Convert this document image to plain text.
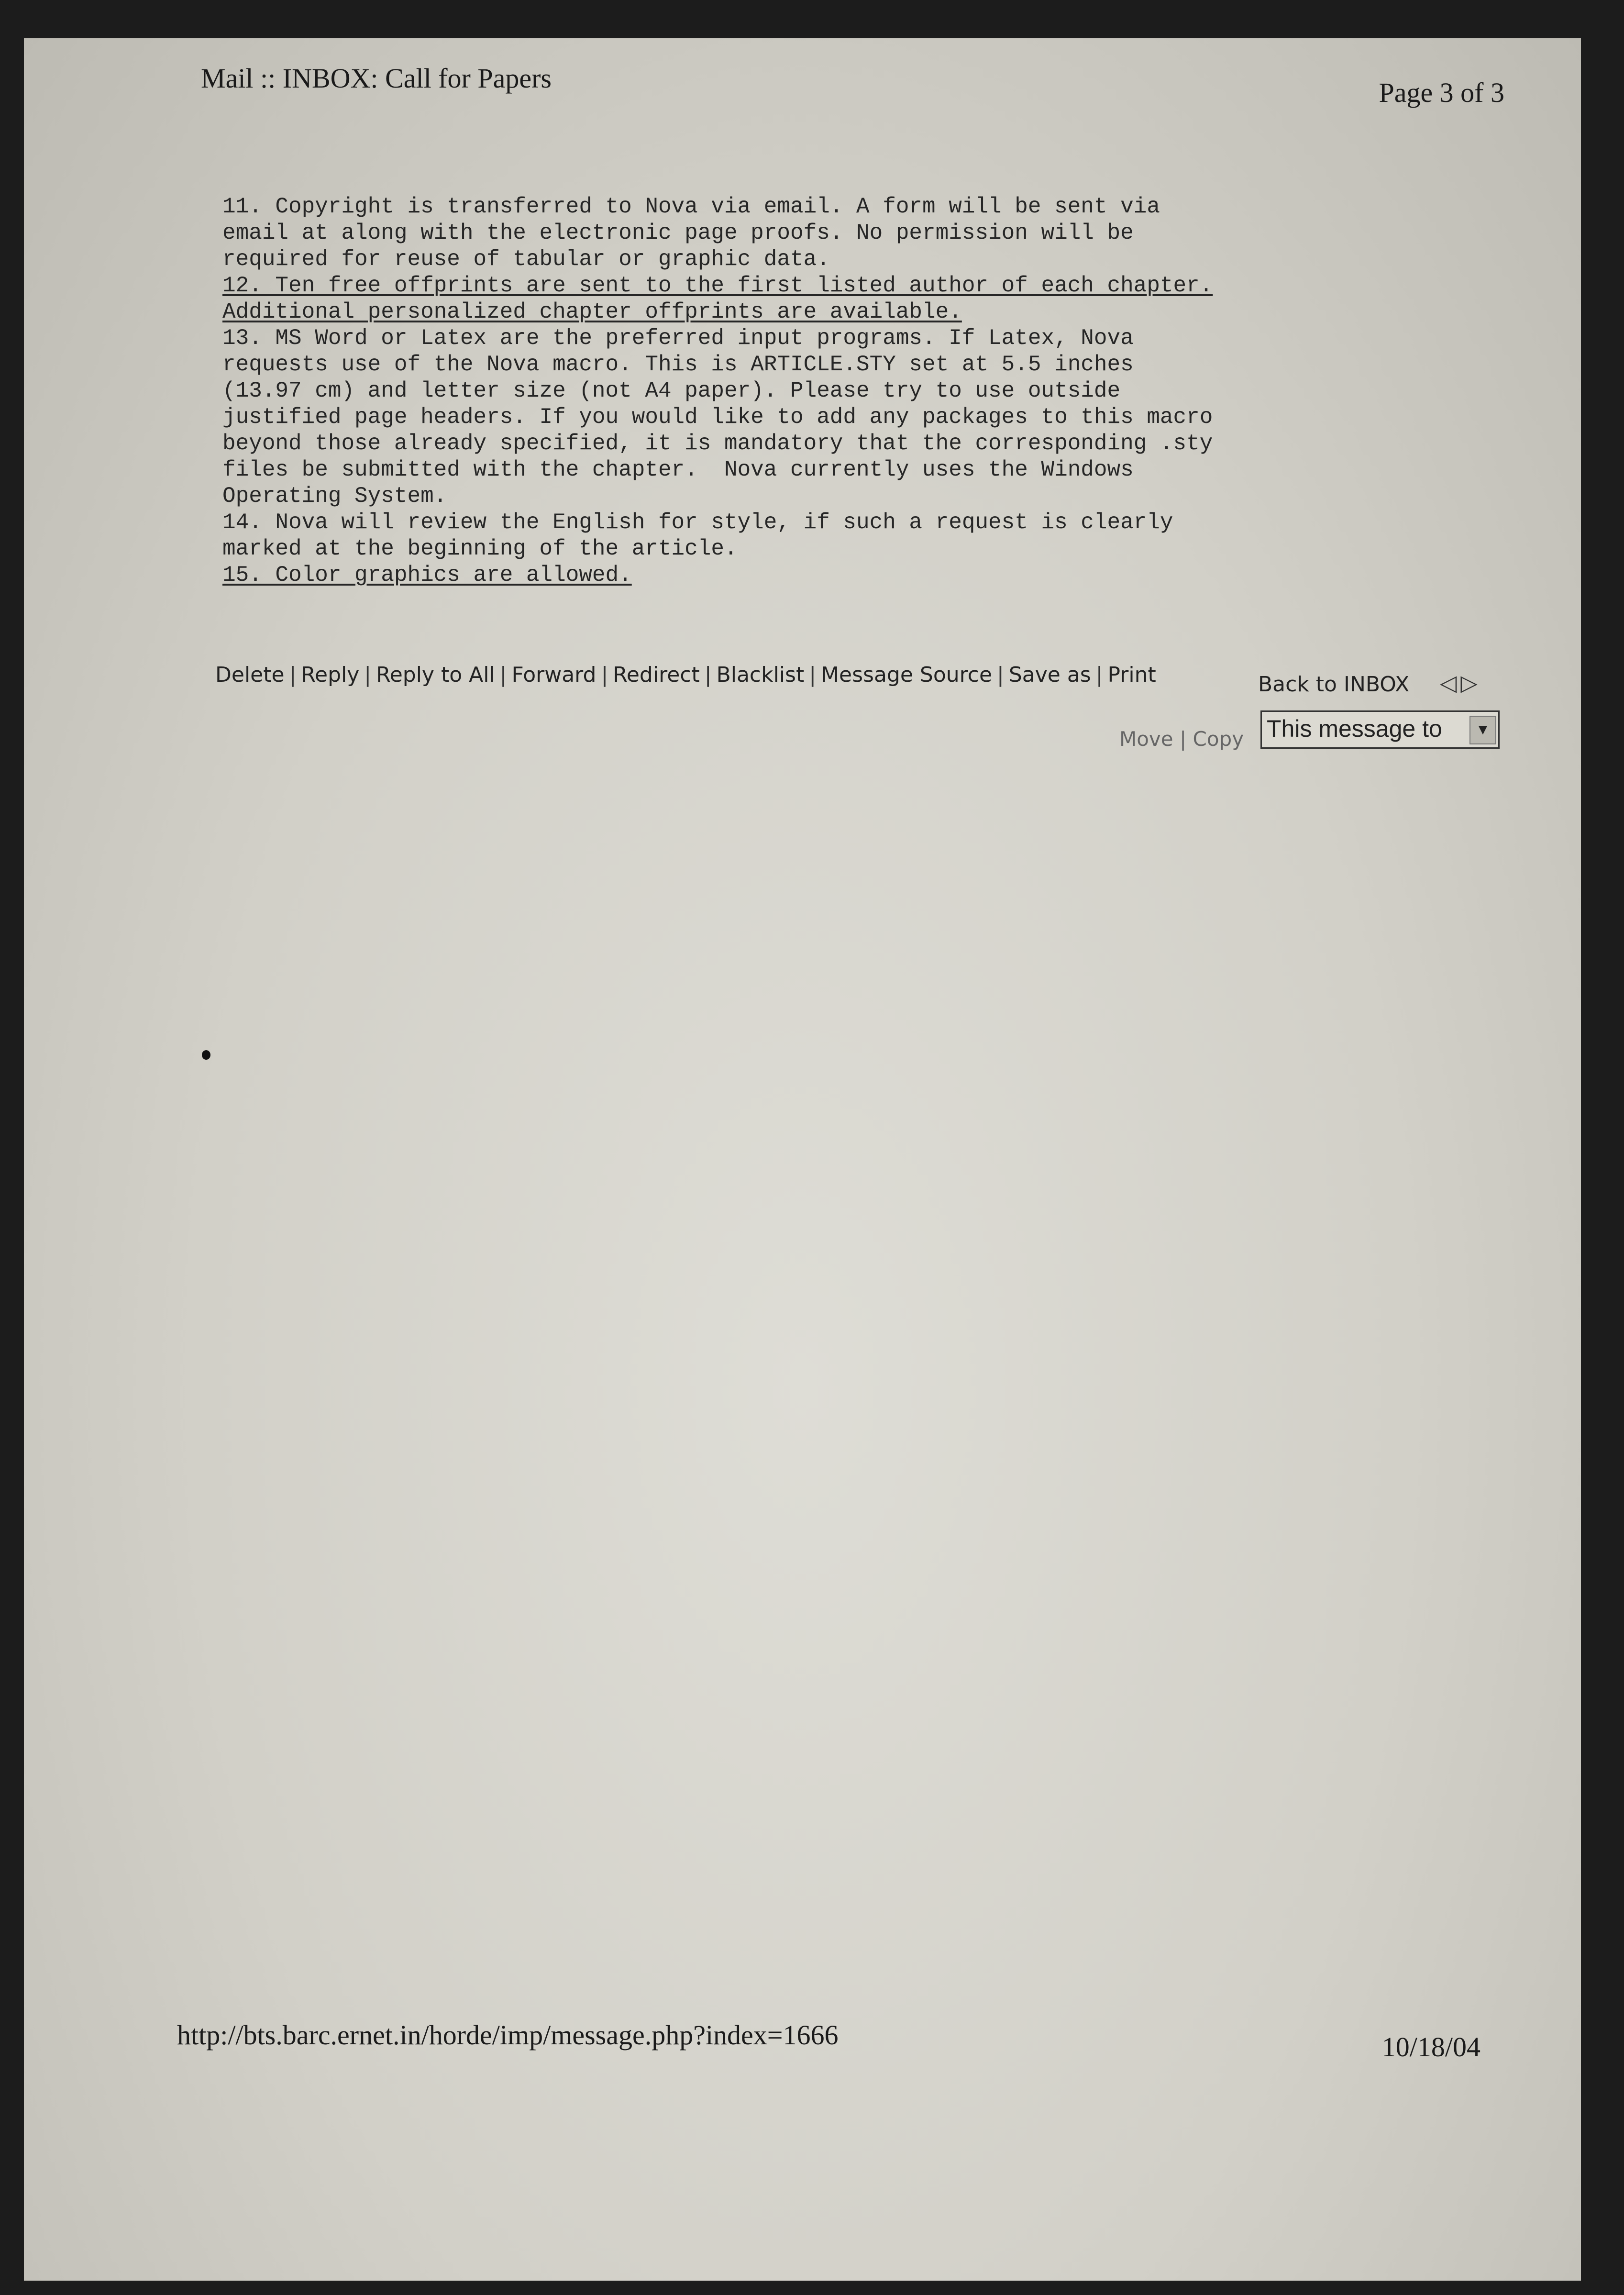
Mail :: INBOX: Call for Papers	Page 3 of 3
11. Copyright is transferred to Nova via email. A form will be sent via
email at along with the electronic page proofs. No permission will be
required for reuse of tabular or graphic data.
12. Ten free offprints are sent to the first listed author of each chapter.
Additional personalized chapter offprints are available.
13. MS Word or Latex are the preferred input programs. If Latex, Nova
requests use of the Nova macro. This is ARTICLE.STY set at 5.5 inches
(13.97 cm) and letter size (not A4 paper). Please try to use outside
justified page headers. If you would like to add any packages to this macro
beyond those already specified, it is mandatory that the corresponding .sty
files be submitted with the chapter.  Nova currently uses the Windows
Operating System.
14. Nova will review the English for style, if such a request is clearly
marked at the beginning of the article.
15. Color graphics are allowed.
Delete | Reply | Reply to All | Forward | Redirect | Blacklist | Message Source | Save as | Print	Back to INBOX ◁ ▷
Move | Copy This message to	▼
http://bts.barc.ernet.in/horde/imp/message.php?index=1666	10/18/04
